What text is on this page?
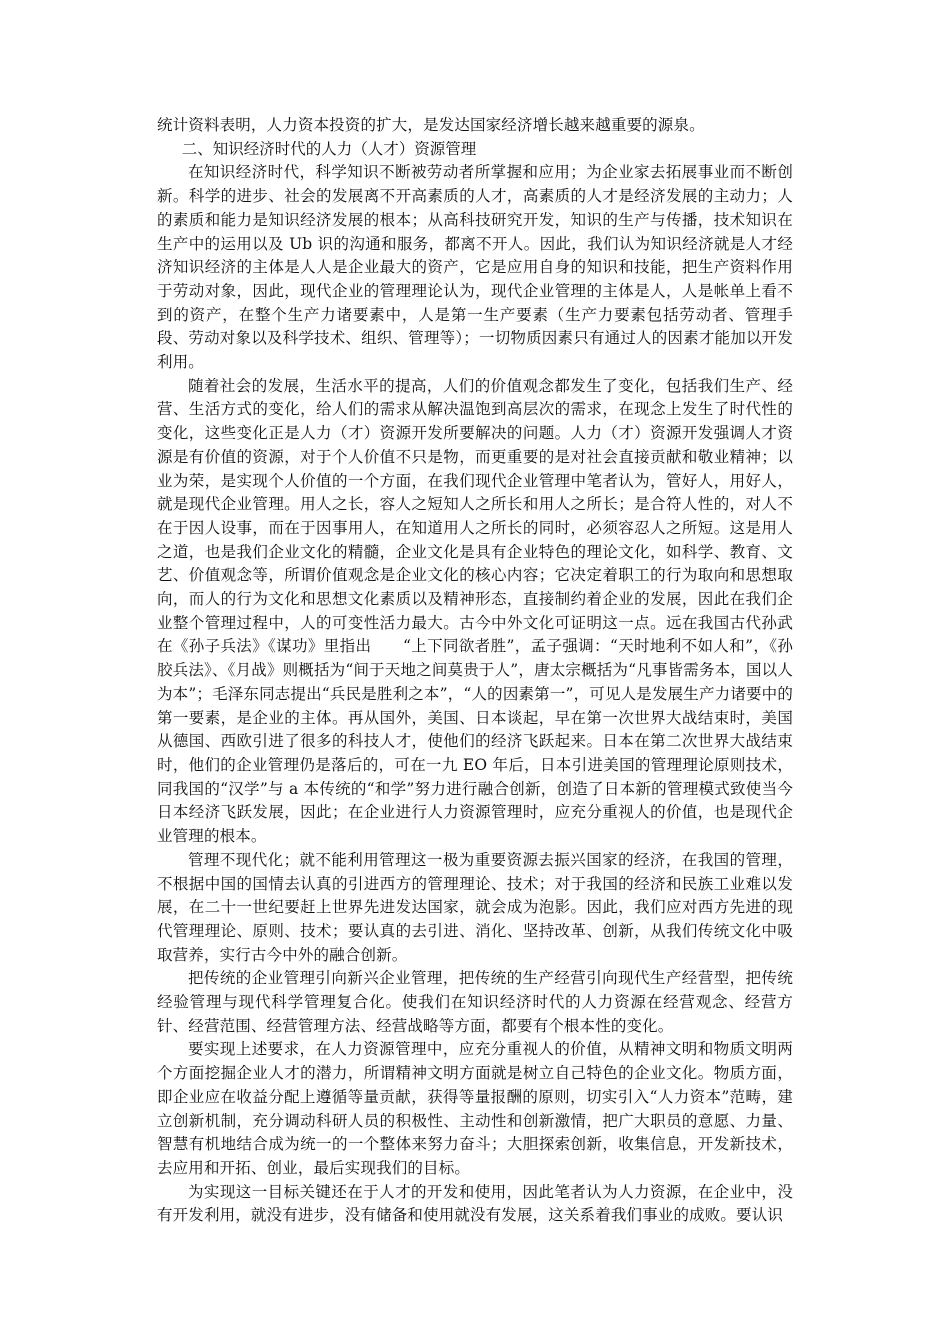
统计资料表明，人力资本投资的扩大，是发达国家经济增长越来越重要的源泉。

二、知识经济时代的人力（人才）资源管理

在知识经济时代，科学知识不断被劳动者所掌握和应用；为企业家去拓展事业而不断创新。科学的进步、社会的发展离不开高素质的人才，高素质的人才是经济发展的主动力；人的素质和能力是知识经济发展的根本；从高科技研究开发，知识的生产与传播，技术知识在生产中的运用以及 Ub 识的沟通和服务，都离不开人。因此，我们认为知识经济就是人才经济知识经济的主体是人人是企业最大的资产，它是应用自身的知识和技能，把生产资料作用于劳动对象，因此，现代企业的管理理论认为，现代企业管理的主体是人，人是帐单上看不到的资产，在整个生产力诸要素中，人是第一生产要素（生产力要素包括劳动者、管理手段、劳动对象以及科学技术、组织、管理等）；一切物质因素只有通过人的因素才能加以开发利用。

随着社会的发展，生活水平的提高，人们的价值观念都发生了变化，包括我们生产、经营、生活方式的变化，给人们的需求从解决温饱到高层次的需求，在现念上发生了时代性的变化，这些变化正是人力（才）资源开发所要解决的问题。人力（才）资源开发强调人才资源是有价值的资源，对于个人价值不只是物，而更重要的是对社会直接贡献和敬业精神；以业为荣，是实现个人价值的一个方面，在我们现代企业管理中笔者认为，管好人，用好人，就是现代企业管理。用人之长，容人之短知人之所长和用人之所长；是合符人性的，对人不在于因人设事，而在于因事用人，在知道用人之所长的同时，必须容忍人之所短。这是用人之道，也是我们企业文化的精髓，企业文化是具有企业特色的理论文化，如科学、教育、文艺、价值观念等，所谓价值观念是企业文化的核心内容；它决定着职工的行为取向和思想取向，而人的行为文化和思想文化素质以及精神形态，直接制约着企业的发展，因此在我们企业整个管理过程中，人的可变性活力最大。古今中外文化可证明这一点。远在我国古代孙武在《孙子兵法》《谋功》里指出　　“上下同欲者胜”，孟子强调：“天时地利不如人和”，《孙胶兵法》、《月战》则概括为“间于天地之间莫贵于人”，唐太宗概括为“凡事皆需务本，国以人为本”；毛泽东同志提出“兵民是胜利之本”，“人的因素第一”，可见人是发展生产力诸要中的第一要素，是企业的主体。再从国外，美国、日本谈起，早在第一次世界大战结束时，美国从德国、西欧引进了很多的科技人才，使他们的经济飞跃起来。日本在第二次世界大战结束时，他们的企业管理仍是落后的，可在一九 EO 年后，日本引进美国的管理理论原则技术，同我国的“汉学”与 a 本传统的“和学”努力进行融合创新，创造了日本新的管理模式致使当今日本经济飞跃发展，因此；在企业进行人力资源管理时，应充分重视人的价值，也是现代企业管理的根本。

管理不现代化；就不能利用管理这一极为重要资源去振兴国家的经济，在我国的管理，不根据中国的国情去认真的引进西方的管理理论、技术；对于我国的经济和民族工业难以发展，在二十一世纪要赶上世界先进发达国家，就会成为泡影。因此，我们应对西方先进的现代管理理论、原则、技术；要认真的去引进、消化、坚持改革、创新，从我们传统文化中吸取营养，实行古今中外的融合创新。

把传统的企业管理引向新兴企业管理，把传统的生产经营引向现代生产经营型，把传统经验管理与现代科学管理复合化。使我们在知识经济时代的人力资源在经营观念、经营方针、经营范围、经营管理方法、经营战略等方面，都要有个根本性的变化。

要实现上述要求，在人力资源管理中，应充分重视人的价值，从精神文明和物质文明两个方面挖掘企业人才的潜力，所谓精神文明方面就是树立自己特色的企业文化。物质方面，即企业应在收益分配上遵循等量贡献，获得等量报酬的原则，切实引入“人力资本”范畴，建立创新机制，充分调动科研人员的积极性、主动性和创新激情，把广大职员的意愿、力量、智慧有机地结合成为统一的一个整体来努力奋斗；大胆探索创新，收集信息，开发新技术，去应用和开拓、创业，最后实现我们的目标。

为实现这一目标关键还在于人才的开发和使用，因此笔者认为人力资源，在企业中，没有开发利用，就没有进步，没有储备和使用就没有发展，这关系着我们事业的成败。要认识
